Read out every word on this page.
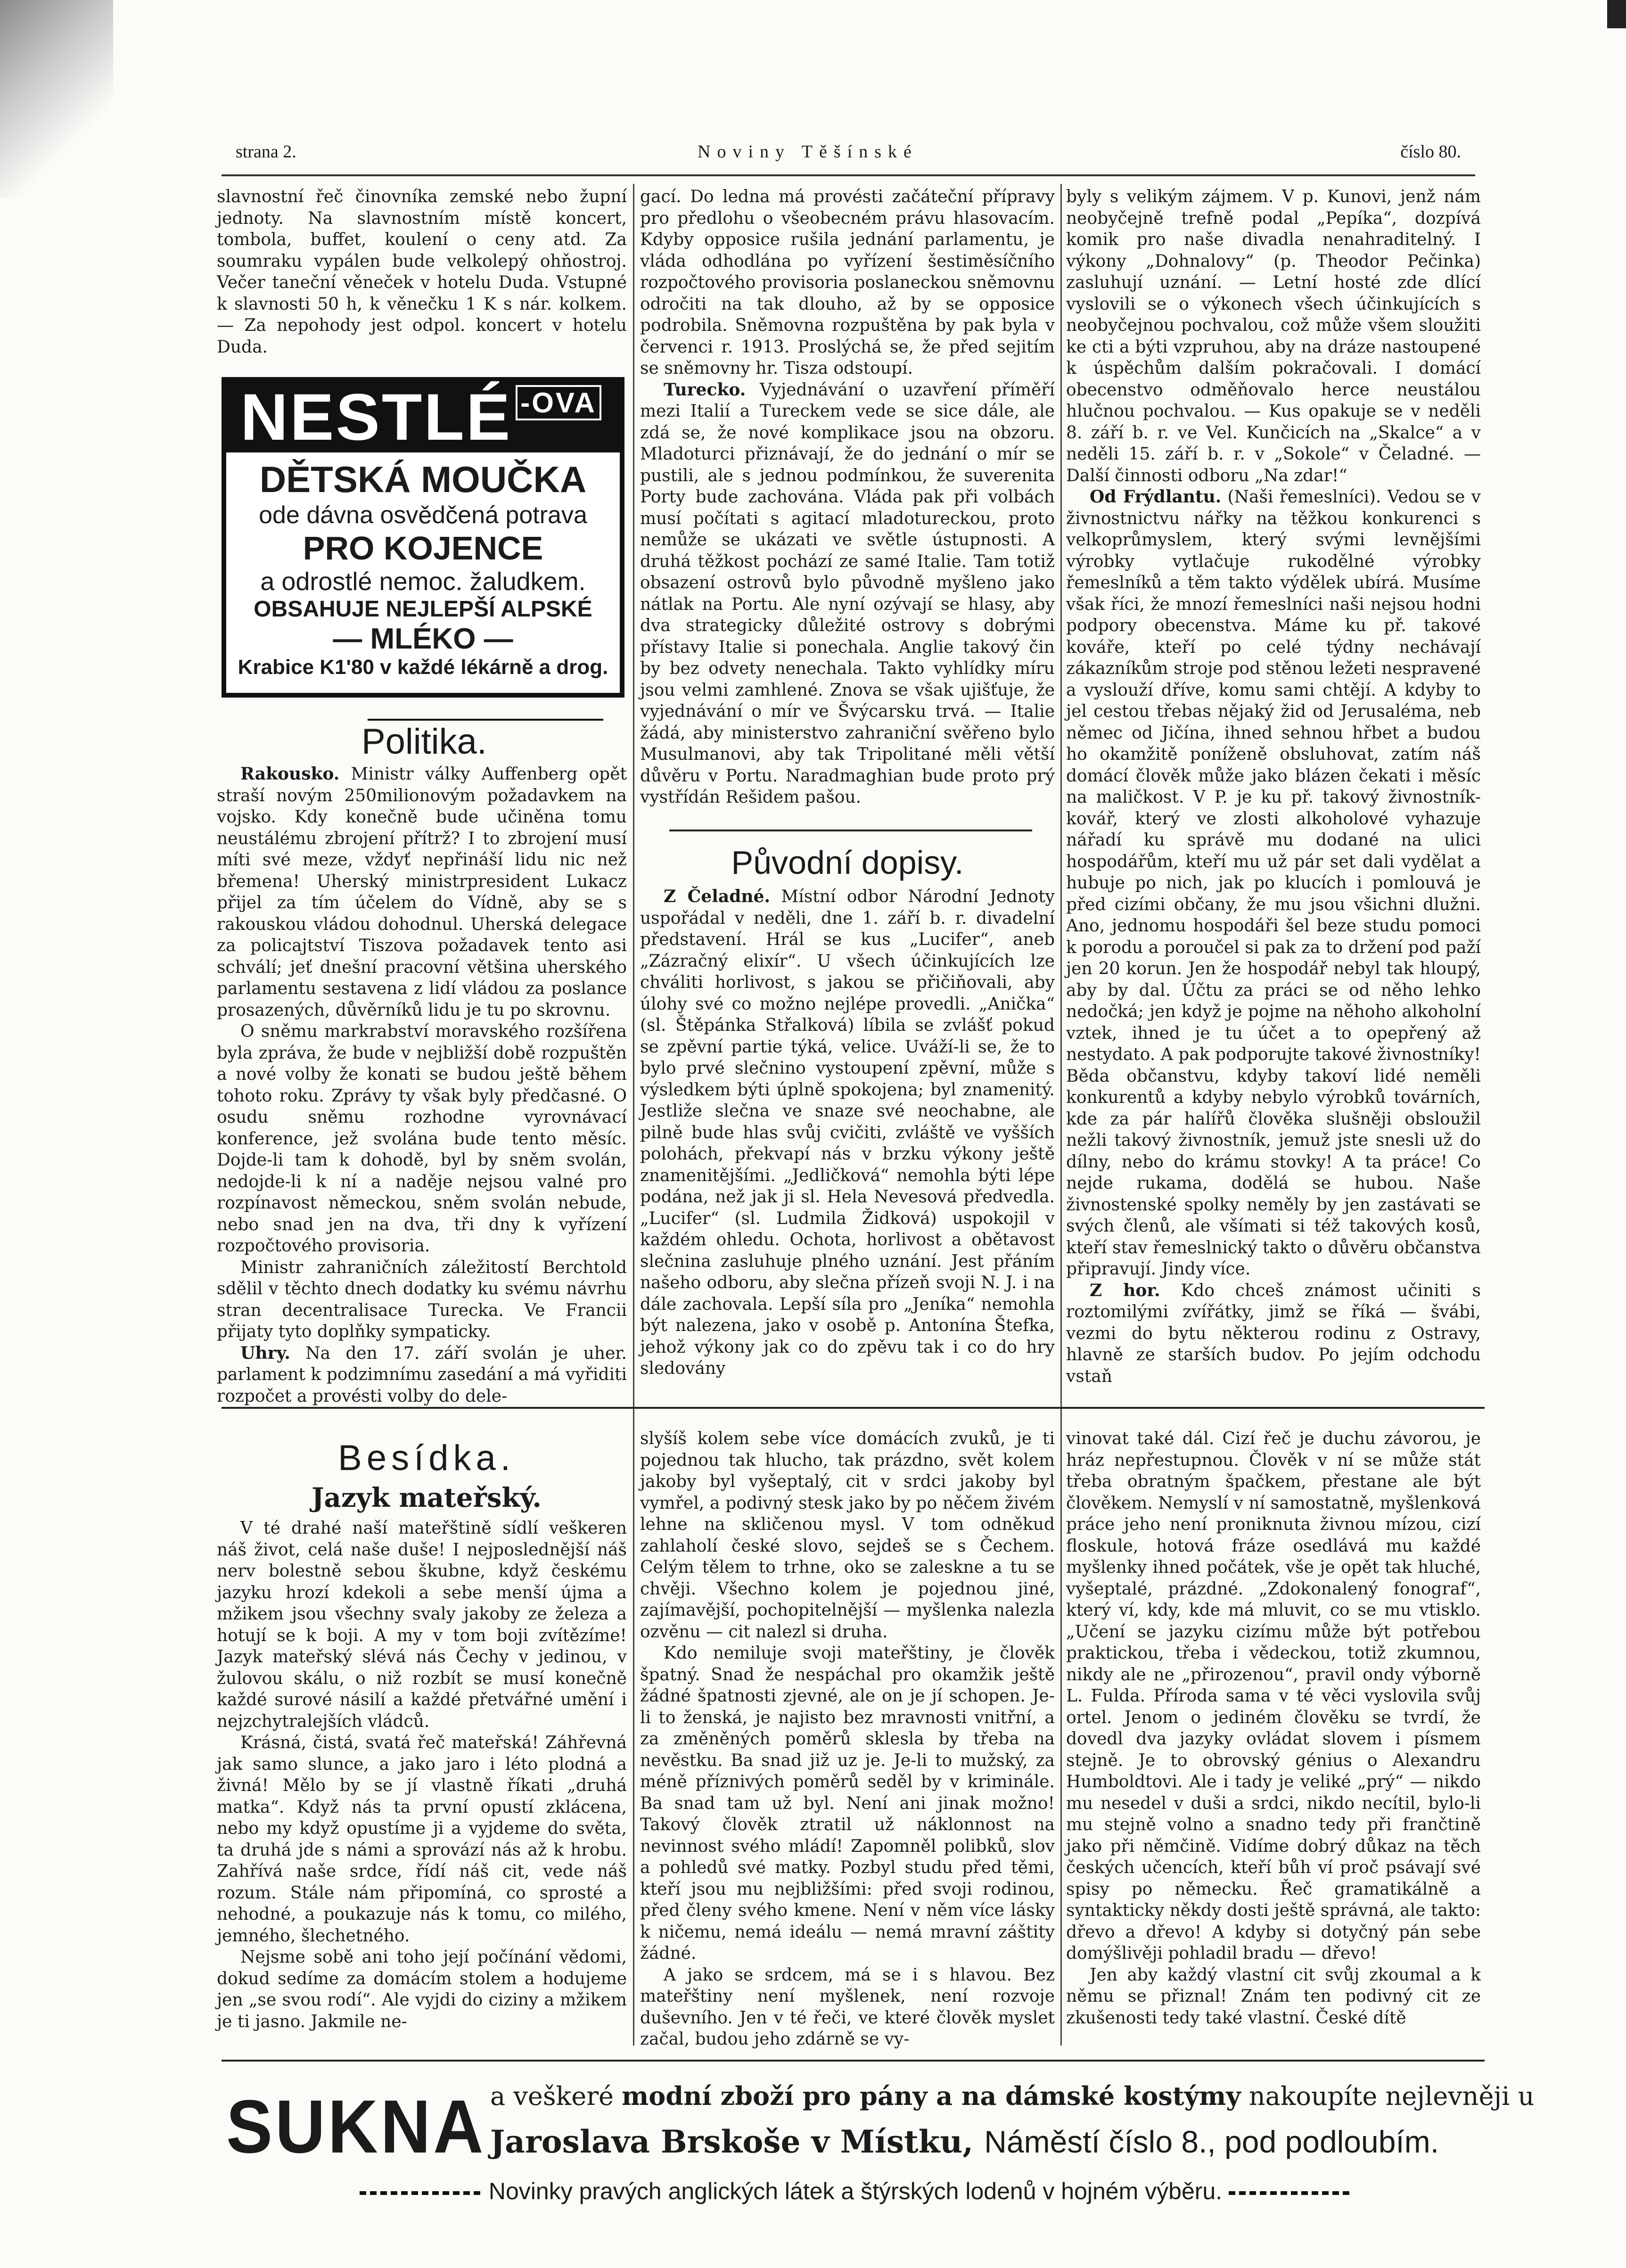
strana 2.	Noviny Těšínské	číslo 80.

slavnostní řeč činovníka zemské nebo župní jednoty. Na slavnostním místě koncert, tombola, buffet, koulení o ceny atd. Za soumraku vypálen bude velkolepý ohňostroj. Večer taneční věneček v hotelu Duda. Vstupné k slavnosti 50 h, k věnečku 1 K s nár. kolkem. — Za nepohody jest odpol. koncert v hotelu Duda.

NESTLÉ $^{-OVA}$
DĚTSKÁ MOUČKA
ode dávna osvědčená potrava
PRO KOJENCE
a odrostlé nemoc. žaludkem.
OBSAHUJE NEJLEPŠÍ ALPSKÉ
— MLÉKO —
Krabice K1'80 v každé lékárně a drog.
Politika.

Rakousko. Ministr války Auffenberg opět straší novým 250milionovým požadavkem na vojsko. Kdy konečně bude učiněna tomu neustálému zbrojení přítrž? I to zbrojení musí míti své meze, vždyť nepřináší lidu nic než břemena! Uherský ministrpresident Lukacz přijel za tím účelem do Vídně, aby se s rakouskou vládou dohodnul. Uherská delegace za policajtství Tiszova požadavek tento asi schválí; jeť dnešní pracovní většina uherského parlamentu sestavena z lidí vládou za poslance prosazených, důvěrníků lidu je tu po skrovnu.

O sněmu markrabství moravského rozšířena byla zpráva, že bude v nejbližší době rozpuštěn a nové volby že konati se budou ještě během tohoto roku. Zprávy ty však byly předčasné. O osudu sněmu rozhodne vyrovnávací konference, jež svolána bude tento měsíc. Dojde-li tam k dohodě, byl by sněm svolán, nedojde-li k ní a naděje nejsou valné pro rozpínavost německou, sněm svolán nebude, nebo snad jen na dva, tři dny k vyřízení rozpočtového provisoria.

Ministr zahraničních záležitostí Berchtold sdělil v těchto dnech dodatky ku svému návrhu stran decentralisace Turecka. Ve Francii přijaty tyto doplňky sympaticky.

Uhry. Na den 17. září svolán je uher. parlament k podzimnímu zasedání a má vyřiditi rozpočet a provésti volby do dele-

gací. Do ledna má provésti začáteční přípravy pro předlohu o všeobecném právu hlasovacím. Kdyby opposice rušila jednání parlamentu, je vláda odhodlána po vyřízení šestiměsíčního rozpočtového provisoria poslaneckou sněmovnu odročiti na tak dlouho, až by se opposice podrobila. Sněmovna rozpuštěna by pak byla v červenci r. 1913. Proslýchá se, že před sejitím se sněmovny hr. Tisza odstoupí.

Turecko. Vyjednávání o uzavření příměří mezi Italií a Tureckem vede se sice dále, ale zdá se, že nové komplikace jsou na obzoru. Mladoturci přiznávají, že do jednání o mír se pustili, ale s jednou podmínkou, že suverenita Porty bude zachována. Vláda pak při volbách musí počítati s agitací mladotureckou, proto nemůže se ukázati ve světle ústupnosti. A druhá těžkost pochází ze samé Italie. Tam totiž obsazení ostrovů bylo původně myšleno jako nátlak na Portu. Ale nyní ozývají se hlasy, aby dva strategicky důležité ostrovy s dobrými přístavy Italie si ponechala. Anglie takový čin by bez odvety nenechala. Takto vyhlídky míru jsou velmi zamhlené. Znova se však ujišťuje, že vyjednávání o mír ve Švýcarsku trvá. — Italie žádá, aby ministerstvo zahraniční svěřeno bylo Musulmanovi, aby tak Tripolitané měli větší důvěru v Portu. Naradmaghian bude proto prý vystřídán Rešidem pašou.

Původní dopisy.

Z Čeladné. Místní odbor Národní Jednoty uspořádal v neděli, dne 1. září b. r. divadelní představení. Hrál se kus „Lucifer“, aneb „Zázračný elixír“. U všech účinkujících lze chváliti horlivost, s jakou se přičiňovali, aby úlohy své co možno nejlépe provedli. „Anička“ (sl. Štěpánka Střalková) líbila se zvlášť pokud se zpěvní partie týká, velice. Uváží-li se, že to bylo prvé slečnino vystoupení zpěvní, může s výsledkem býti úplně spokojena; byl znamenitý. Jestliže slečna ve snaze své neochabne, ale pilně bude hlas svůj cvičiti, zvláště ve vyšších polohách, překvapí nás v brzku výkony ještě znamenitějšími. „Jedličková“ nemohla býti lépe podána, než jak ji sl. Hela Nevesová předvedla. „Lucifer“ (sl. Ludmila Židková) uspokojil v každém ohledu. Ochota, horlivost a obětavost slečnina zasluhuje plného uznání. Jest přáním našeho odboru, aby slečna přízeň svoji N. J. i na dále zachovala. Lepší síla pro „Jeníka“ nemohla být nalezena, jako v osobě p. Antonína Štefka, jehož výkony jak co do zpěvu tak i co do hry sledovány

byly s velikým zájmem. V p. Kunovi, jenž nám neobyčejně trefně podal „Pepíka“, dozpívá komik pro naše divadla nenahraditelný. I výkony „Dohnalovy“ (p. Theodor Pečinka) zasluhují uznání. — Letní hosté zde dlící vyslovili se o výkonech všech účinkujících s neobyčejnou pochvalou, což může všem sloužiti ke cti a býti vzpruhou, aby na dráze nastoupené k úspěchům dalším pokračovali. I domácí obecenstvo odměňovalo herce neustálou hlučnou pochvalou. — Kus opakuje se v neděli 8. září b. r. ve Vel. Kunčicích na „Skalce“ a v neděli 15. září b. r. v „Sokole“ v Čeladné. — Další činnosti odboru „Na zdar!“

Od Frýdlantu. (Naši řemeslníci). Vedou se v živnostnictvu nářky na těžkou konkurenci s velkoprůmyslem, který svými levnějšími výrobky vytlačuje rukodělné výrobky řemeslníků a těm takto výdělek ubírá. Musíme však říci, že mnozí řemeslníci naši nejsou hodni podpory obecenstva. Máme ku př. takové kováře, kteří po celé týdny nechávají zákazníkům stroje pod stěnou ležeti nespravené a vyslouží dříve, komu sami chtějí. A kdyby to jel cestou třebas nějaký žid od Jerusaléma, neb němec od Jičína, ihned sehnou hřbet a budou ho okamžitě poníženě obsluhovat, zatím náš domácí člověk může jako blázen čekati i měsíc na maličkost. V P. je ku př. takový živnostník-kovář, který ve zlosti alkoholové vyhazuje nářadí ku správě mu dodané na ulici hospodářům, kteří mu už pár set dali vydělat a hubuje po nich, jak po klucích i pomlouvá je před cizími občany, že mu jsou všichni dlužni. Ano, jednomu hospodáři šel beze studu pomoci k porodu a poroučel si pak za to držení pod paží jen 20 korun. Jen že hospodář nebyl tak hloupý, aby by dal. Účtu za práci se od něho lehko nedočká; jen když je pojme na něhoho alkoholní vztek, ihned je tu účet a to opepřený až nestydato. A pak podporujte takové živnostníky! Běda občanstvu, kdyby takoví lidé neměli konkurentů a kdyby nebylo výrobků továrních, kde za pár halířů člověka slušněji obsloužil nežli takový živnostník, jemuž jste snesli už do dílny, nebo do krámu stovky! A ta práce! Co nejde rukama, dodělá se hubou. Naše živnostenské spolky neměly by jen zastávati se svých členů, ale všímati si též takových kosů, kteří stav řemeslnický takto o důvěru občanstva připravují. Jindy více.

Z hor. Kdo chceš známost učiniti s roztomilými zvířátky, jimž se říká — švábi, vezmi do bytu některou rodinu z Ostravy, hlavně ze starších budov. Po jejím odchodu vstaň

Besídka.
Jazyk mateřský.

V té drahé naší mateřštině sídlí veškeren náš život, celá naše duše! I nejposlednější náš nerv bolestně sebou škubne, když českému jazyku hrozí kdekoli a sebe menší újma a mžikem jsou všechny svaly jakoby ze železa a hotují se k boji. A my v tom boji zvítězíme! Jazyk mateřský slévá nás Čechy v jedinou, v žulovou skálu, o niž rozbít se musí konečně každé surové násilí a každé přetvářné umění i nejzchytralejších vládců.

Krásná, čistá, svatá řeč mateřská! Záhřevná jak samo slunce, a jako jaro i léto plodná a živná! Mělo by se jí vlastně říkati „druhá matka“. Když nás ta první opustí zklácena, nebo my když opustíme ji a vyjdeme do světa, ta druhá jde s námi a sprovází nás až k hrobu. Zahřívá naše srdce, řídí náš cit, vede náš rozum. Stále nám připomíná, co sprosté a nehodné, a poukazuje nás k tomu, co milého, jemného, šlechetného.

Nejsme sobě ani toho její počínání vědomi, dokud sedíme za domácím stolem a hodujeme jen „se svou rodí“. Ale vyjdi do ciziny a mžikem je ti jasno. Jakmile ne-

slyšíš kolem sebe více domácích zvuků, je ti pojednou tak hlucho, tak prázdno, svět kolem jakoby byl vyšeptalý, cit v srdci jakoby byl vymřel, a podivný stesk jako by po něčem živém lehne na skličenou mysl. V tom odněkud zahlaholí české slovo, sejdeš se s Čechem. Celým tělem to trhne, oko se zaleskne a tu se chvěji. Všechno kolem je pojednou jiné, zajímavější, pochopitelnější — myšlenka nalezla ozvěnu — cit nalezl si druha.

Kdo nemiluje svoji mateřštiny, je člověk špatný. Snad že nespáchal pro okamžik ještě žádné špatnosti zjevné, ale on je jí schopen. Je-li to ženská, je najisto bez mravnosti vnitřní, a za změněných poměrů sklesla by třeba na nevěstku. Ba snad již uz je. Je-li to mužský, za méně příznivých poměrů seděl by v kriminále. Ba snad tam už byl. Není ani jinak možno! Takový člověk ztratil už náklonnost na nevinnost svého mládí! Zapomněl polibků, slov a pohledů své matky. Pozbyl studu před těmi, kteří jsou mu nejbližšími: před svoji rodinou, před členy svého kmene. Není v něm více lásky k ničemu, nemá ideálu — nemá mravní záštity žádné.

A jako se srdcem, má se i s hlavou. Bez mateřštiny není myšlenek, není rozvoje duševního. Jen v té řeči, ve které člověk myslet začal, budou jeho zdárně se vy-

vinovat také dál. Cizí řeč je duchu závorou, je hráz nepřestupnou. Člověk v ní se může stát třeba obratným špačkem, přestane ale být člověkem. Nemyslí v ní samostatně, myšlenková práce jeho není proniknuta živnou mízou, cizí floskule, hotová fráze osedlává mu každé myšlenky ihned počátek, vše je opět tak hluché, vyšeptalé, prázdné. „Zdokonalený fonograf“, který ví, kdy, kde má mluvit, co se mu vtisklo. „Učení se jazyku cizímu může být potřebou praktickou, třeba i vědeckou, totiž zkumnou, nikdy ale ne „přirozenou“, pravil ondy výborně L. Fulda. Příroda sama v té věci vyslovila svůj ortel. Jenom o jediném člověku se tvrdí, že dovedl dva jazyky ovládat slovem i písmem stejně. Je to obrovský génius o Alexandru Humboldtovi. Ale i tady je veliké „prý“ — nikdo mu nesedel v duši a srdci, nikdo necítil, bylo-li mu stejně volno a snadno tedy při frančtině jako při němčině. Vidíme dobrý důkaz na těch českých učencích, kteří bůh ví proč psávají své spisy po německu. Řeč gramatikálně a syntakticky někdy dosti ještě správná, ale takto: dřevo a dřevo! A kdyby si dotyčný pán sebe domýšlivěji pohladil bradu — dřevo!

Jen aby každý vlastní cit svůj zkoumal a k němu se přiznal! Znám ten podivný cit ze zkušenosti tedy také vlastní. České dítě

SUKNA a veškeré modní zboží pro pány a na dámské kostýmy nakoupíte nejlevněji u
Jaroslava Brskoše v Místku, Náměstí číslo 8., pod podloubím.
Novinky pravých anglických látek a štýrských lodenů v hojném výběru.
